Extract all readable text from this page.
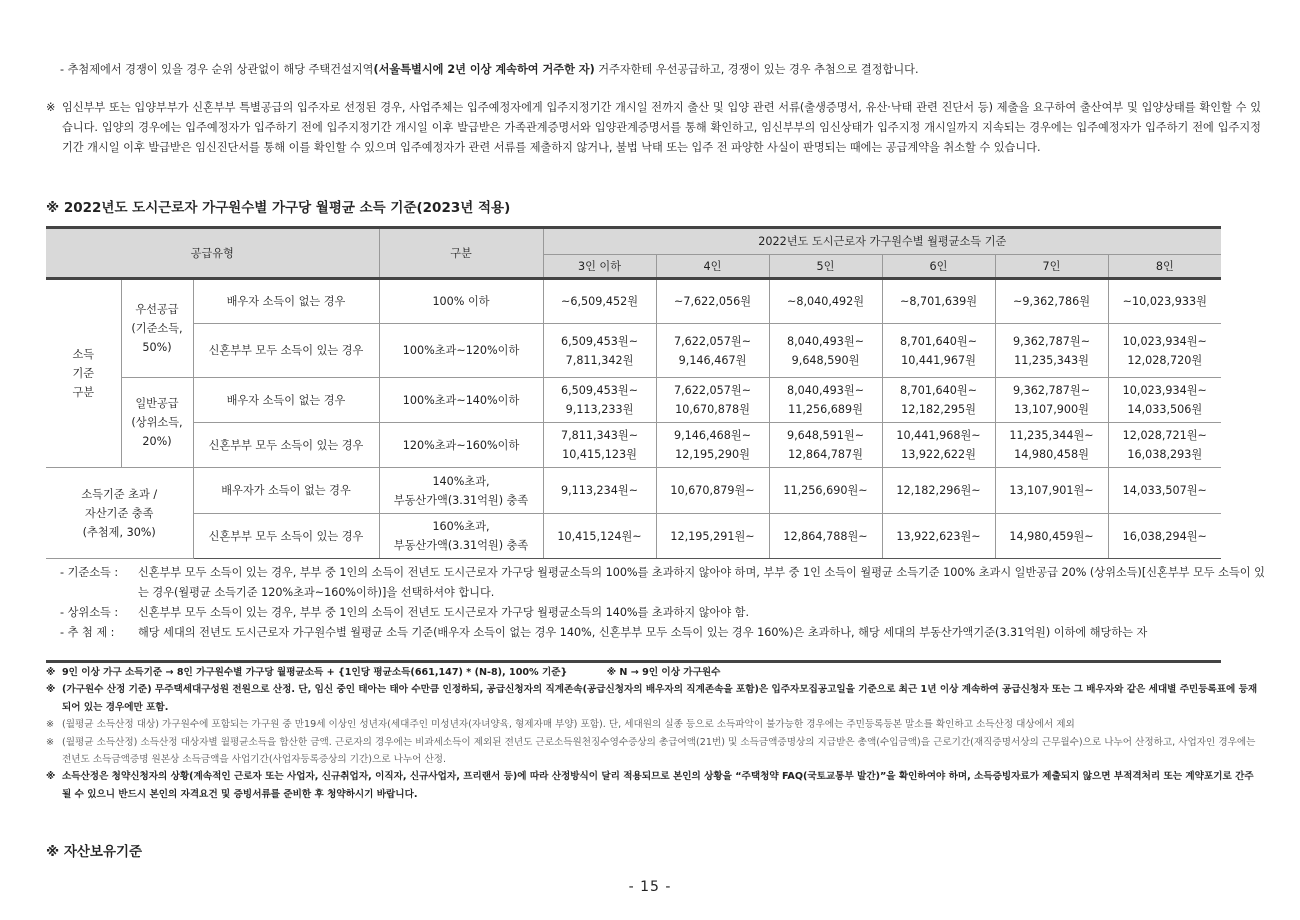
- 추첨제에서 경쟁이 있을 경우 순위 상관없이 해당 주택건설지역(서울특별시에 2년 이상 계속하여 거주한 자) 거주자한테 우선공급하고, 경쟁이 있는 경우 추첨으로 결정합니다.
※ 임신부부 또는 입양부부가 신혼부부 특별공급의 입주자로 선정된 경우, 사업주체는 입주예정자에게 입주지정기간 개시일 전까지 출산 및 입양 관련 서류(출생증명서, 유산·낙태 관련 진단서 등) 제출을 요구하여 출산여부 및 입양상태를 확인할 수 있습니다. 입양의 경우에는 입주예정자가 입주하기 전에 입주지정기간 개시일 이후 발급받은 가족관계증명서와 입양관계증명서를 통해 확인하고, 임신부부의 임신상태가 입주지정 개시일까지 지속되는 경우에는 입주예정자가 입주하기 전에 입주지정기간 개시일 이후 발급받은 임신진단서를 통해 이를 확인할 수 있으며 입주예정자가 관련 서류를 제출하지 않거나, 불법 낙태 또는 입주 전 파양한 사실이 판명되는 때에는 공급계약을 취소할 수 있습니다.
※ 2022년도 도시근로자 가구원수별 가구당 월평균 소득 기준(2023년 적용)
공급유형			구분	2022년도 도시근로자 가구원수별 월평균소득 기준					
				3인 이하	4인	5인	6인	7인	8인
소득
기준
구분	우선공급
(기준소득,
50%)	배우자 소득이 없는 경우	100% 이하	~6,509,452원	~7,622,056원	~8,040,492원	~8,701,639원	~9,362,786원	~10,023,933원
		신혼부부 모두 소득이 있는 경우	100%초과~120%이하	6,509,453원~
7,811,342원	7,622,057원~
9,146,467원	8,040,493원~
9,648,590원	8,701,640원~
10,441,967원	9,362,787원~
11,235,343원	10,023,934원~
12,028,720원
	일반공급
(상위소득,
20%)	배우자 소득이 없는 경우	100%초과~140%이하	6,509,453원~
9,113,233원	7,622,057원~
10,670,878원	8,040,493원~
11,256,689원	8,701,640원~
12,182,295원	9,362,787원~
13,107,900원	10,023,934원~
14,033,506원
		신혼부부 모두 소득이 있는 경우	120%초과~160%이하	7,811,343원~
10,415,123원	9,146,468원~
12,195,290원	9,648,591원~
12,864,787원	10,441,968원~
13,922,622원	11,235,344원~
14,980,458원	12,028,721원~
16,038,293원
소득기준 초과 /
자산기준 충족
(추첨제, 30%)		배우자가 소득이 없는 경우	140%초과,
부동산가액(3.31억원) 충족	9,113,234원~	10,670,879원~	11,256,690원~	12,182,296원~	13,107,901원~	14,033,507원~
		신혼부부 모두 소득이 있는 경우	160%초과,
부동산가액(3.31억원) 충족	10,415,124원~	12,195,291원~	12,864,788원~	13,922,623원~	14,980,459원~	16,038,294원~
- 기준소득 : 신혼부부 모두 소득이 있는 경우, 부부 중 1인의 소득이 전년도 도시근로자 가구당 월평균소득의 100%를 초과하지 않아야 하며, 부부 중 1인 소득이 월평균 소득기준 100% 초과시 일반공급 20% (상위소득)[신혼부부 모두 소득이 있는 경우(월평균 소득기준 120%초과~160%이하)]을 선택하셔야 합니다.
- 상위소득 : 신혼부부 모두 소득이 있는 경우, 부부 중 1인의 소득이 전년도 도시근로자 가구당 월평균소득의 140%를 초과하지 않아야 함.
- 추 첨 제 : 해당 세대의 전년도 도시근로자 가구원수별 월평균 소득 기준(배우자 소득이 없는 경우 140%, 신혼부부 모두 소득이 있는 경우 160%)은 초과하나, 해당 세대의 부동산가액기준(3.31억원) 이하에 해당하는 자
※ 9인 이상 가구 소득기준 → 8인 가구원수별 가구당 월평균소득 + {1인당 평균소득(661,147) * (N-8), 100% 기준}	※ N → 9인 이상 가구원수
※ (가구원수 산정 기준) 무주택세대구성원 전원으로 산정. 단, 임신 중인 태아는 태아 수만큼 인정하되, 공급신청자의 직계존속(공급신청자의 배우자의 직계존속을 포함)은 입주자모집공고일을 기준으로 최근 1년 이상 계속하여 공급신청자 또는 그 배우자와 같은 세대별 주민등록표에 등재되어 있는 경우에만 포함.
※ (월평균 소득산정 대상) 가구원수에 포함되는 가구원 중 만19세 이상인 성년자(세대주인 미성년자(자녀양육, 형제자매 부양) 포함). 단, 세대원의 실종 등으로 소득파악이 불가능한 경우에는 주민등록등본 말소를 확인하고 소득산정 대상에서 제외
※ (월평균 소득산정) 소득산정 대상자별 월평균소득을 합산한 금액. 근로자의 경우에는 비과세소득이 제외된 전년도 근로소득원천징수영수증상의 총급여액(21번) 및 소득금액증명상의 지급받은 총액(수입금액)을 근로기간(재직증명서상의 근무월수)으로 나누어 산정하고, 사업자인 경우에는 전년도 소득금액증명 원본상 소득금액을 사업기간(사업자등록증상의 기간)으로 나누어 산정.
※ 소득산정은 청약신청자의 상황(계속적인 근로자 또는 사업자, 신규취업자, 이직자, 신규사업자, 프리랜서 등)에 따라 산정방식이 달리 적용되므로 본인의 상황을 “주택청약 FAQ(국토교통부 발간)”을 확인하여야 하며, 소득증빙자료가 제출되지 않으면 부적격처리 또는 계약포기로 간주될 수 있으니 반드시 본인의 자격요건 및 증빙서류를 준비한 후 청약하시기 바랍니다.
※ 자산보유기준
- 15 -
